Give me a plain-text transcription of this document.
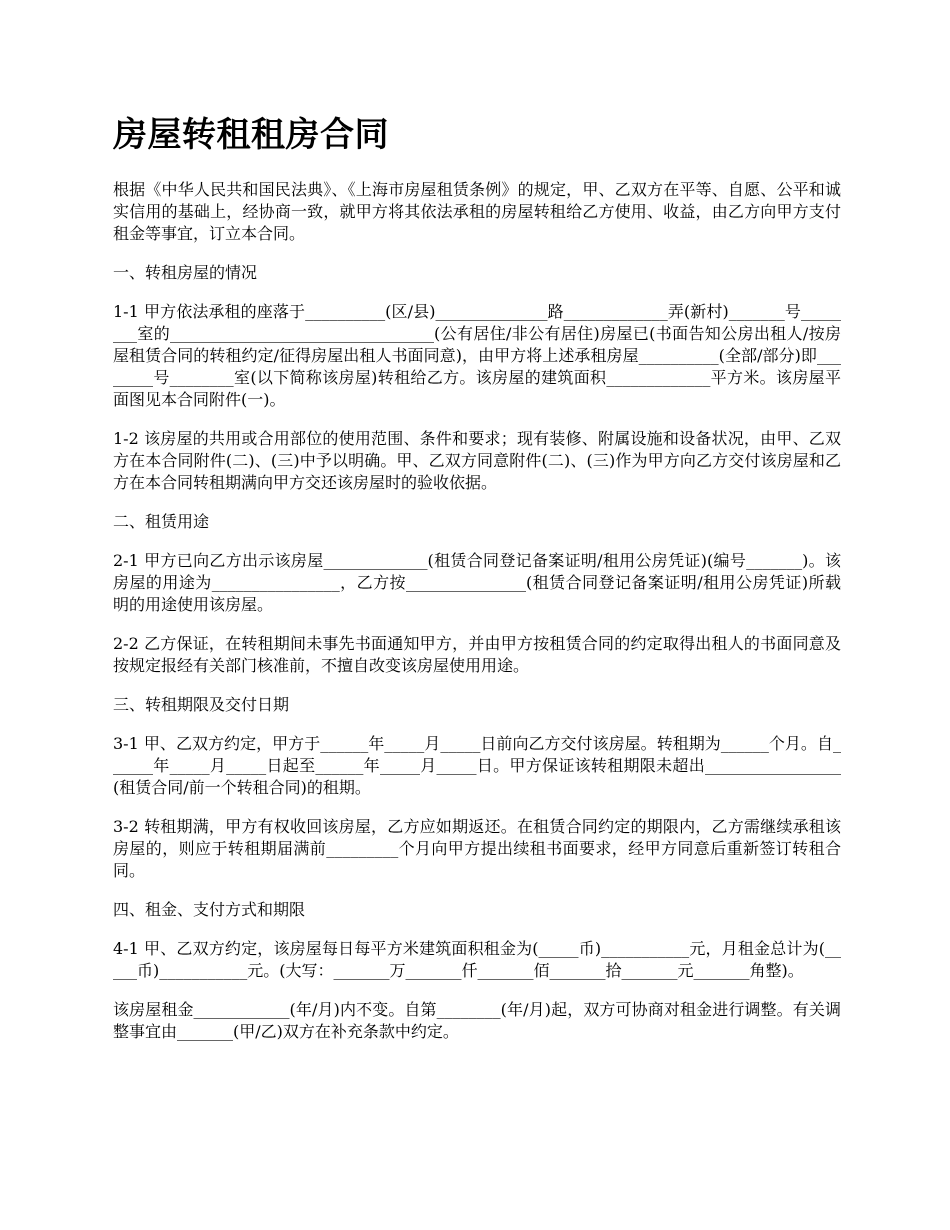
房屋转租租房合同

根据《中华人民共和国民法典》、《上海市房屋租赁条例》的规定，甲、乙双方在平等、自愿、公平和诚实信用的基础上，经协商一致，就甲方将其依法承租的房屋转租给乙方使用、收益，由乙方向甲方支付租金等事宜，订立本合同。

一、转租房屋的情况

1-1 甲方依法承租的座落于__________(区/县)______________路_____________弄(新村)_______号________室的_________________________________(公有居住/非公有居住)房屋已(书面告知公房出租人/按房屋租赁合同的转租约定/征得房屋出租人书面同意)，由甲方将上述承租房屋__________(全部/部分)即________号________室(以下简称该房屋)转租给乙方。该房屋的建筑面积_____________平方米。该房屋平面图见本合同附件(一)。

1-2 该房屋的共用或合用部位的使用范围、条件和要求；现有装修、附属设施和设备状况，由甲、乙双方在本合同附件(二)、(三)中予以明确。甲、乙双方同意附件(二)、(三)作为甲方向乙方交付该房屋和乙方在本合同转租期满向甲方交还该房屋时的验收依据。

二、租赁用途

2-1 甲方已向乙方出示该房屋_____________(租赁合同登记备案证明/租用公房凭证)(编号_______)。该房屋的用途为________________，乙方按_______________(租赁合同登记备案证明/租用公房凭证)所载明的用途使用该房屋。

2-2 乙方保证，在转租期间未事先书面通知甲方，并由甲方按租赁合同的约定取得出租人的书面同意及按规定报经有关部门核准前，不擅自改变该房屋使用用途。

三、转租期限及交付日期

3-1 甲、乙双方约定，甲方于______年_____月_____日前向乙方交付该房屋。转租期为______个月。自______年_____月_____日起至______年_____月_____日。甲方保证该转租期限未超出_________________(租赁合同/前一个转租合同)的租期。

3-2 转租期满，甲方有权收回该房屋，乙方应如期返还。在租赁合同约定的期限内，乙方需继续承租该房屋的，则应于转租期届满前_________个月向甲方提出续租书面要求，经甲方同意后重新签订转租合同。

四、租金、支付方式和期限

4-1 甲、乙双方约定，该房屋每日每平方米建筑面积租金为(_____币)___________元，月租金总计为(_____币)___________元。(大写：_______万_______仟_______佰_______拾_______元_______角整)。

该房屋租金____________(年/月)内不变。自第________(年/月)起，双方可协商对租金进行调整。有关调整事宜由_______(甲/乙)双方在补充条款中约定。
